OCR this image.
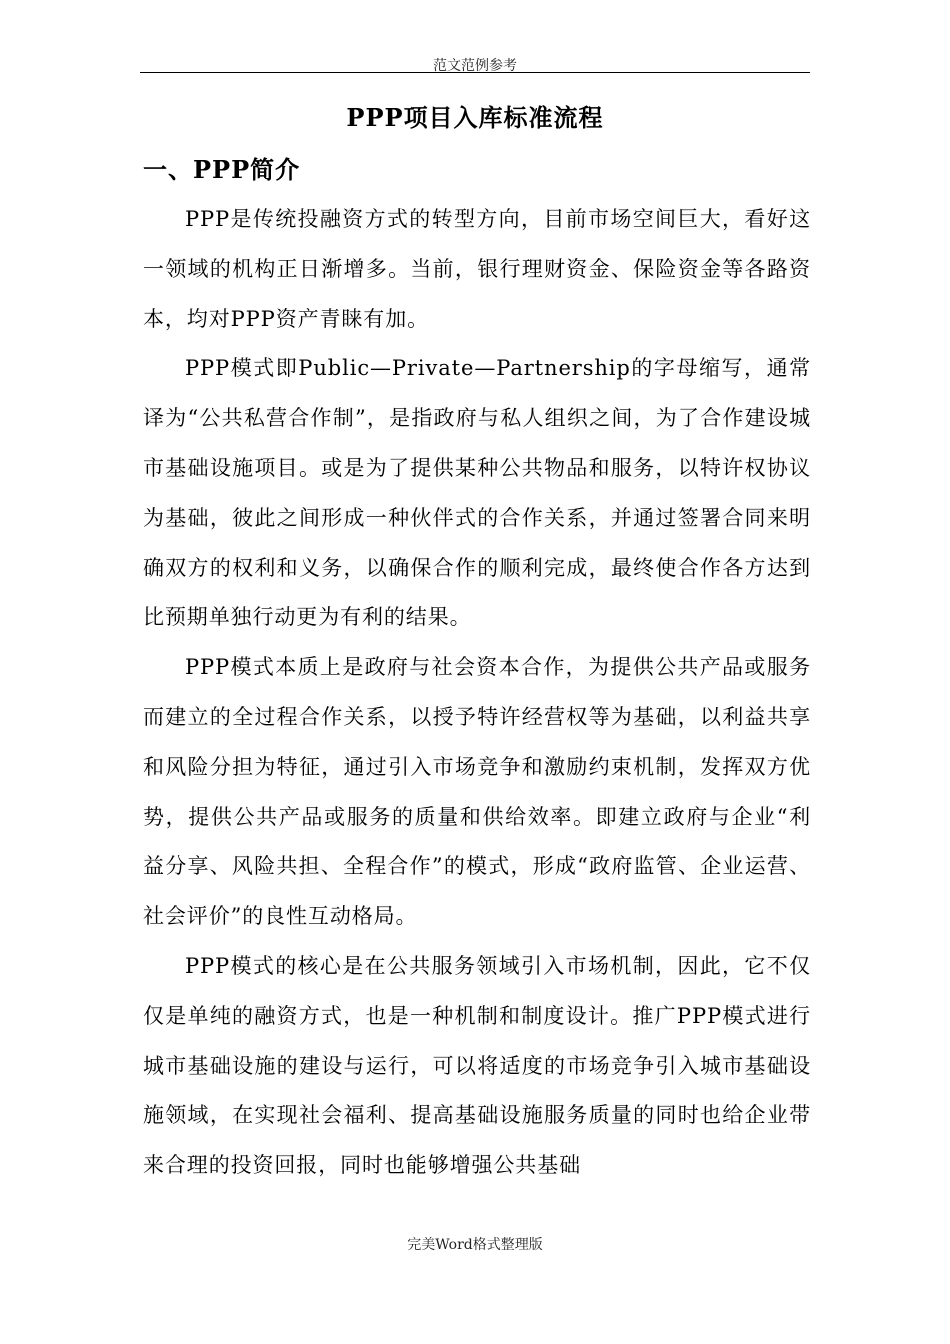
范文范例参考
PPP项目入库标准流程
一、PPP简介

PPP是传统投融资方式的转型方向，目前市场空间巨大，看好这一领域的机构正日渐增多。当前，银行理财资金、保险资金等各路资本，均对PPP资产青睐有加。

PPP模式即Public—Private—Partnership的字母缩写，通常译为“公共私营合作制”，是指政府与私人组织之间，为了合作建设城市基础设施项目。或是为了提供某种公共物品和服务，以特许权协议为基础，彼此之间形成一种伙伴式的合作关系，并通过签署合同来明确双方的权利和义务，以确保合作的顺利完成，最终使合作各方达到比预期单独行动更为有利的结果。

PPP模式本质上是政府与社会资本合作，为提供公共产品或服务而建立的全过程合作关系，以授予特许经营权等为基础，以利益共享和风险分担为特征，通过引入市场竞争和激励约束机制，发挥双方优势，提供公共产品或服务的质量和供给效率。即建立政府与企业“利益分享、风险共担、全程合作”的模式，形成“政府监管、企业运营、社会评价”的良性互动格局。

PPP模式的核心是在公共服务领域引入市场机制，因此，它不仅仅是单纯的融资方式，也是一种机制和制度设计。推广PPP模式进行城市基础设施的建设与运行，可以将适度的市场竞争引入城市基础设施领域，在实现社会福利、提高基础设施服务质量的同时也给企业带来合理的投资回报，同时也能够增强公共基础

完美Word格式整理版
